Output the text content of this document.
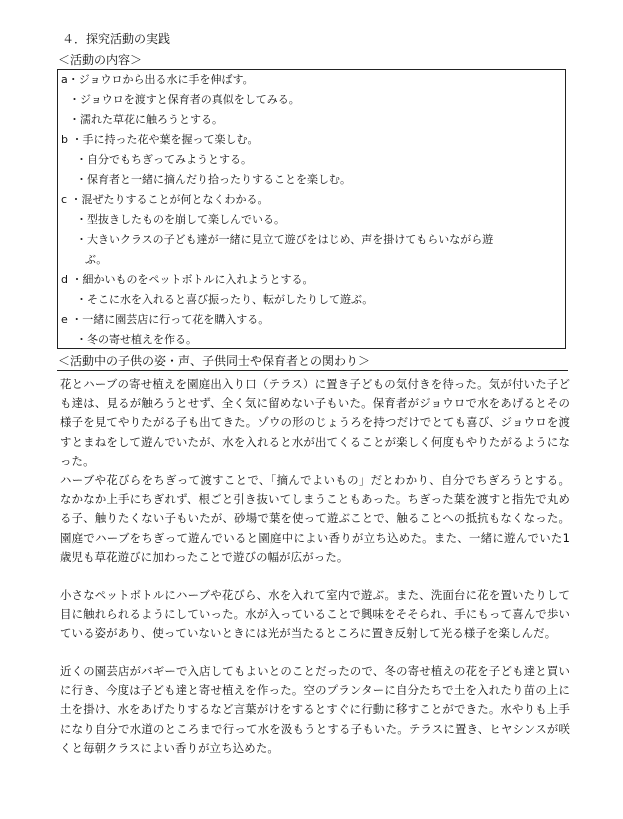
４．探究活動の実践
＜活動の内容＞
a・ジョウロから出る水に手を伸ばす。
・ジョウロを渡すと保育者の真似をしてみる。
・濡れた草花に触ろうとする。
b ・手に持った花や葉を握って楽しむ。
・自分でもちぎってみようとする。
・保育者と一緒に摘んだり拾ったりすることを楽しむ。
c ・混ぜたりすることが何となくわかる。
・型抜きしたものを崩して楽しんでいる。
・大きいクラスの子ども達が一緒に見立て遊びをはじめ、声を掛けてもらいながら遊
ぶ。
d ・細かいものをペットボトルに入れようとする。
・そこに水を入れると喜び振ったり、転がしたりして遊ぶ。
e ・一緒に園芸店に行って花を購入する。
・冬の寄せ植えを作る。
＜活動中の子供の姿・声、子供同士や保育者との関わり＞
花とハーブの寄せ植えを園庭出入り口（テラス）に置き子どもの気付きを待った。気が付いた子ども達は、見るが触ろうとせず、全く気に留めない子もいた。保育者がジョウロで水をあげるとその様子を見てやりたがる子も出てきた。ゾウの形のじょうろを持つだけでとても喜び、ジョウロを渡すとまねをして遊んでいたが、水を入れると水が出てくることが楽しく何度もやりたがるようになった。
ハーブや花びらをちぎって渡すことで、「摘んでよいもの」だとわかり、自分でちぎろうとする。なかなか上手にちぎれず、根ごと引き抜いてしまうこともあった。ちぎった葉を渡すと指先で丸める子、触りたくない子もいたが、砂場で葉を使って遊ぶことで、触ることへの抵抗もなくなった。園庭でハーブをちぎって遊んでいると園庭中によい香りが立ち込めた。また、一緒に遊んでいた1歳児も草花遊びに加わったことで遊びの幅が広がった。
小さなペットボトルにハーブや花びら、水を入れて室内で遊ぶ。また、洗面台に花を置いたりして目に触れられるようにしていった。水が入っていることで興味をそそられ、手にもって喜んで歩いている姿があり、使っていないときには光が当たるところに置き反射して光る様子を楽しんだ。
近くの園芸店がバギーで入店してもよいとのことだったので、冬の寄せ植えの花を子ども達と買いに行き、今度は子ども達と寄せ植えを作った。空のプランターに自分たちで土を入れたり苗の上に土を掛け、水をあげたりするなど言葉がけをするとすぐに行動に移すことができた。水やりも上手になり自分で水道のところまで行って水を汲もうとする子もいた。テラスに置き、ヒヤシンスが咲くと毎朝クラスによい香りが立ち込めた。
